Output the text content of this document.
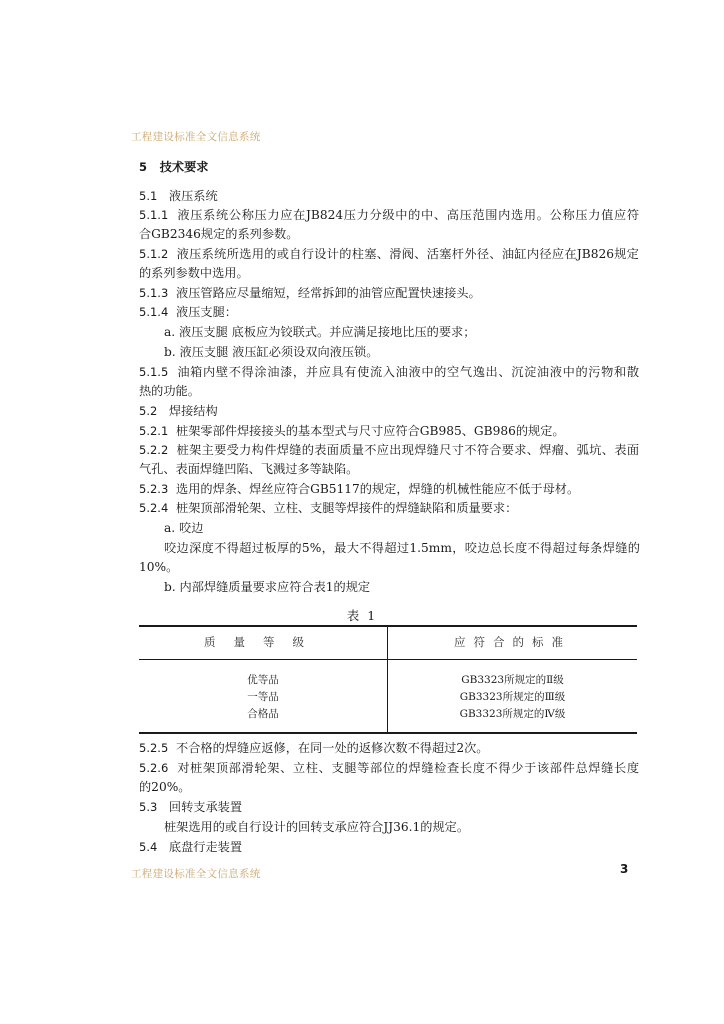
工程建设标准全文信息系统
5 技术要求
5.1 液压系统
5.1.1 液压系统公称压力应在JB824压力分级中的中、高压范围内选用。公称压力值应符
合GB2346规定的系列参数。
5.1.2 液压系统所选用的或自行设计的柱塞、滑阀、活塞杆外径、油缸内径应在JB826规定
的系列参数中选用。
5.1.3 液压管路应尽量缩短，经常拆卸的油管应配置快速接头。
5.1.4 液压支腿：
a. 液压支腿 底板应为铰联式。并应满足接地比压的要求；
b. 液压支腿 液压缸必须设双向液压锁。
5.1.5 油箱内壁不得涂油漆，并应具有使流入油液中的空气逸出、沉淀油液中的污物和散
热的功能。
5.2 焊接结构
5.2.1 桩架零部件焊接接头的基本型式与尺寸应符合GB985、GB986的规定。
5.2.2 桩架主要受力构件焊缝的表面质量不应出现焊缝尺寸不符合要求、焊瘤、弧坑、表面
气孔、表面焊缝凹陷、飞溅过多等缺陷。
5.2.3 选用的焊条、焊丝应符合GB5117的规定，焊缝的机械性能应不低于母材。
5.2.4 桩架顶部滑轮架、立柱、支腿等焊接件的焊缝缺陷和质量要求：
a. 咬边
咬边深度不得超过板厚的5%，最大不得超过1.5mm，咬边总长度不得超过每条焊缝的
10%。
b. 内部焊缝质量要求应符合表1的规定
表 1
质量等级	应符合的标准
优等品	GB3323所规定的Ⅱ级
一等品	GB3323所规定的Ⅲ级
合格品	GB3323所规定的Ⅳ级
5.2.5 不合格的焊缝应返修，在同一处的返修次数不得超过2次。
5.2.6 对桩架顶部滑轮架、立柱、支腿等部位的焊缝检查长度不得少于该部件总焊缝长度
的20%。
5.3 回转支承装置
桩架选用的或自行设计的回转支承应符合JJ36.1的规定。
5.4 底盘行走装置
工程建设标准全文信息系统	3
